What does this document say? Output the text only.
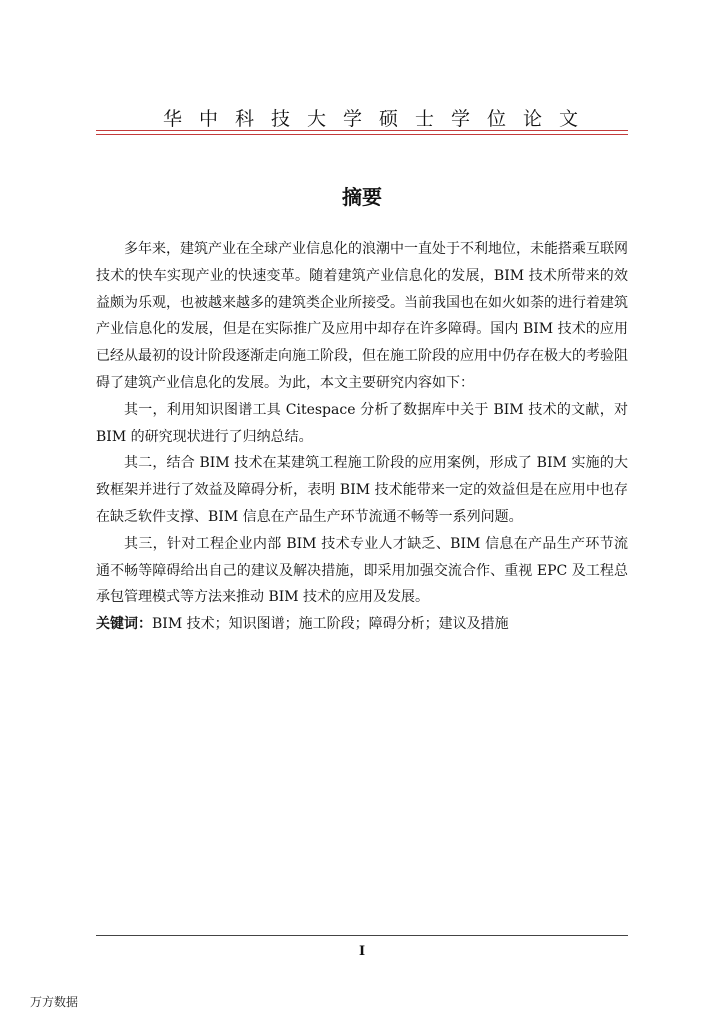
华中科技大学硕士学位论文
摘要

多年来，建筑产业在全球产业信息化的浪潮中一直处于不利地位，未能搭乘互联网技术的快车实现产业的快速变革。随着建筑产业信息化的发展，BIM 技术所带来的效益颇为乐观，也被越来越多的建筑类企业所接受。当前我国也在如火如荼的进行着建筑产业信息化的发展，但是在实际推广及应用中却存在许多障碍。国内 BIM 技术的应用已经从最初的设计阶段逐渐走向施工阶段，但在施工阶段的应用中仍存在极大的考验阻碍了建筑产业信息化的发展。为此，本文主要研究内容如下：

其一，利用知识图谱工具 Citespace 分析了数据库中关于 BIM 技术的文献，对 BIM 的研究现状进行了归纳总结。

其二，结合 BIM 技术在某建筑工程施工阶段的应用案例，形成了 BIM 实施的大致框架并进行了效益及障碍分析，表明 BIM 技术能带来一定的效益但是在应用中也存在缺乏软件支撑、BIM 信息在产品生产环节流通不畅等一系列问题。

其三，针对工程企业内部 BIM 技术专业人才缺乏、BIM 信息在产品生产环节流通不畅等障碍给出自己的建议及解决措施，即采用加强交流合作、重视 EPC 及工程总承包管理模式等方法来推动 BIM 技术的应用及发展。

关键词：BIM 技术；知识图谱；施工阶段；障碍分析；建议及措施

I
万方数据
